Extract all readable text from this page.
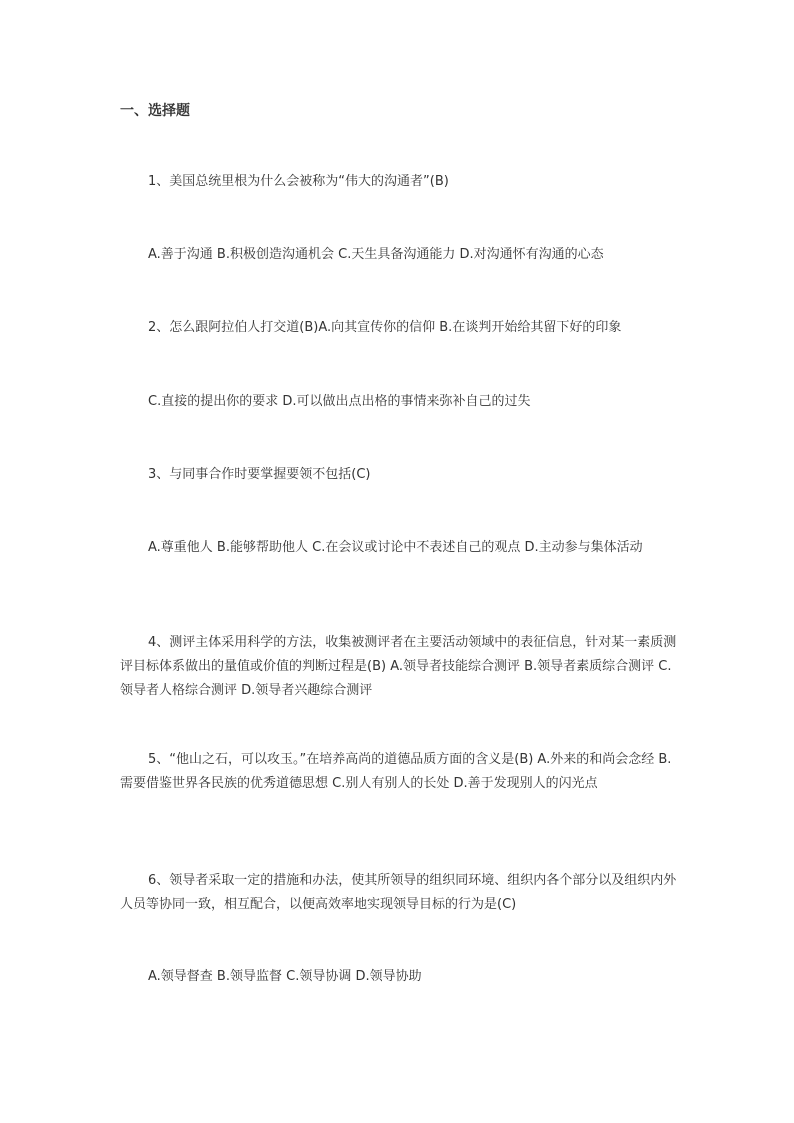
一、选择题

1、美国总统里根为什么会被称为“伟大的沟通者”(B)

A.善于沟通 B.积极创造沟通机会 C.天生具备沟通能力 D.对沟通怀有沟通的心态

2、怎么跟阿拉伯人打交道(B)A.向其宣传你的信仰 B.在谈判开始给其留下好的印象

C.直接的提出你的要求 D.可以做出点出格的事情来弥补自己的过失

3、与同事合作时要掌握要领不包括(C)

A.尊重他人 B.能够帮助他人 C.在会议或讨论中不表述自己的观点 D.主动参与集体活动

4、测评主体采用科学的方法，收集被测评者在主要活动领域中的表征信息，针对某一素质测评目标体系做出的量值或价值的判断过程是(B) A.领导者技能综合测评 B.领导者素质综合测评 C.领导者人格综合测评 D.领导者兴趣综合测评

5、“他山之石，可以攻玉。”在培养高尚的道德品质方面的含义是(B) A.外来的和尚会念经 B.需要借鉴世界各民族的优秀道德思想 C.别人有别人的长处 D.善于发现别人的闪光点

6、领导者采取一定的措施和办法，使其所领导的组织同环境、组织内各个部分以及组织内外人员等协同一致，相互配合，以便高效率地实现领导目标的行为是(C)

A.领导督查 B.领导监督 C.领导协调 D.领导协助
